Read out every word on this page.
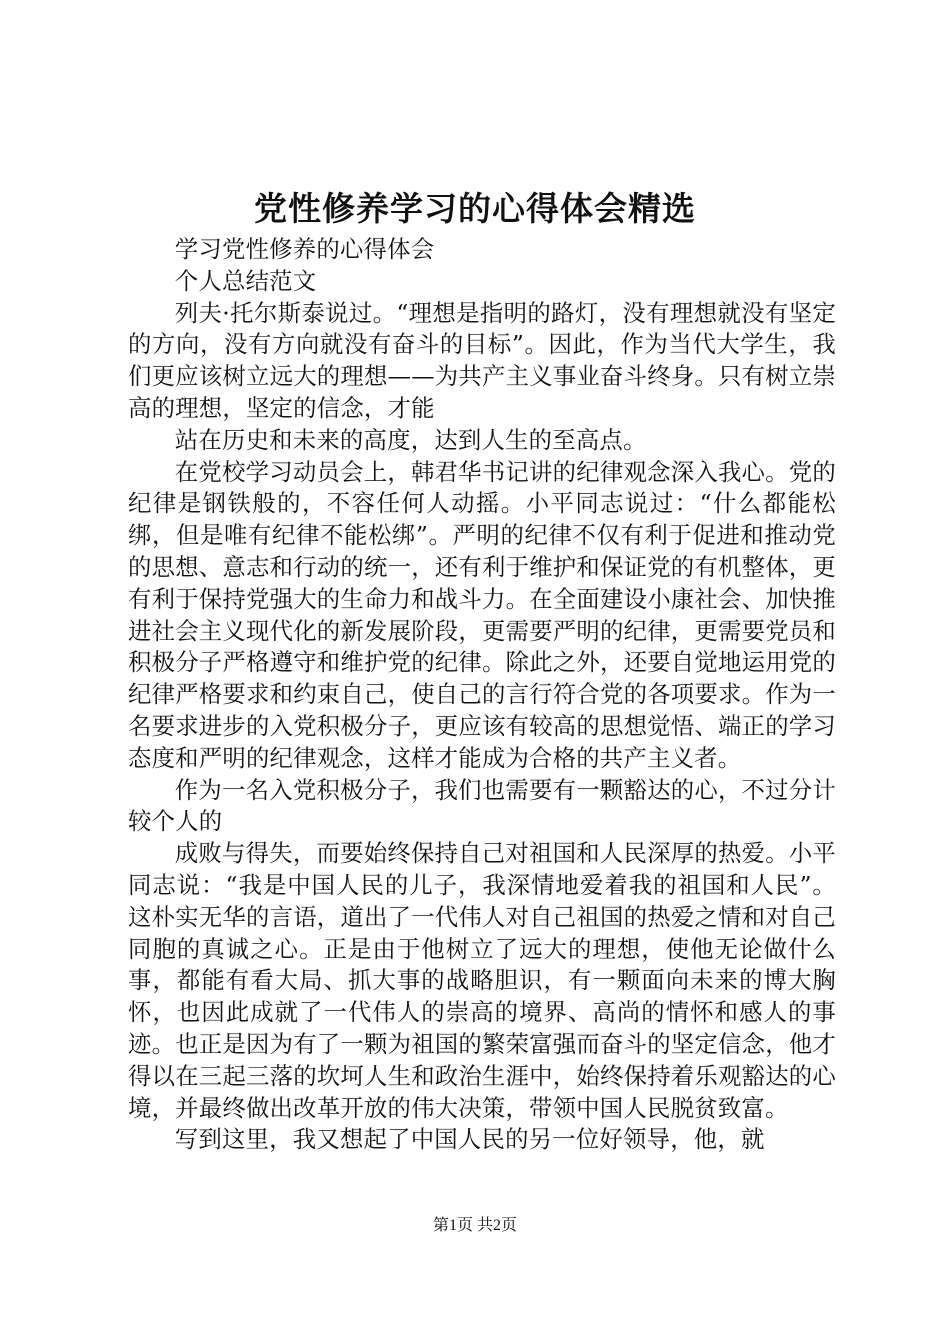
党性修养学习的心得体会精选

学习党性修养的心得体会

个人总结范文

列夫·托尔斯泰说过。“理想是指明的路灯，没有理想就没有坚定的方向，没有方向就没有奋斗的目标”。因此，作为当代大学生，我们更应该树立远大的理想——为共产主义事业奋斗终身。只有树立崇高的理想，坚定的信念，才能

站在历史和未来的高度，达到人生的至高点。

在党校学习动员会上，韩君华书记讲的纪律观念深入我心。党的纪律是钢铁般的，不容任何人动摇。小平同志说过：“什么都能松绑，但是唯有纪律不能松绑”。严明的纪律不仅有利于促进和推动党的思想、意志和行动的统一，还有利于维护和保证党的有机整体，更有利于保持党强大的生命力和战斗力。在全面建设小康社会、加快推进社会主义现代化的新发展阶段，更需要严明的纪律，更需要党员和积极分子严格遵守和维护党的纪律。除此之外，还要自觉地运用党的纪律严格要求和约束自己，使自己的言行符合党的各项要求。作为一名要求进步的入党积极分子，更应该有较高的思想觉悟、端正的学习态度和严明的纪律观念，这样才能成为合格的共产主义者。

作为一名入党积极分子，我们也需要有一颗豁达的心，不过分计较个人的

成败与得失，而要始终保持自己对祖国和人民深厚的热爱。小平同志说：“我是中国人民的儿子，我深情地爱着我的祖国和人民”。这朴实无华的言语，道出了一代伟人对自己祖国的热爱之情和对自己同胞的真诚之心。正是由于他树立了远大的理想，使他无论做什么事，都能有看大局、抓大事的战略胆识，有一颗面向未来的博大胸怀，也因此成就了一代伟人的崇高的境界、高尚的情怀和感人的事迹。也正是因为有了一颗为祖国的繁荣富强而奋斗的坚定信念，他才得以在三起三落的坎坷人生和政治生涯中，始终保持着乐观豁达的心境，并最终做出改革开放的伟大决策，带领中国人民脱贫致富。

写到这里，我又想起了中国人民的另一位好领导，他，就

第1页 共2页
